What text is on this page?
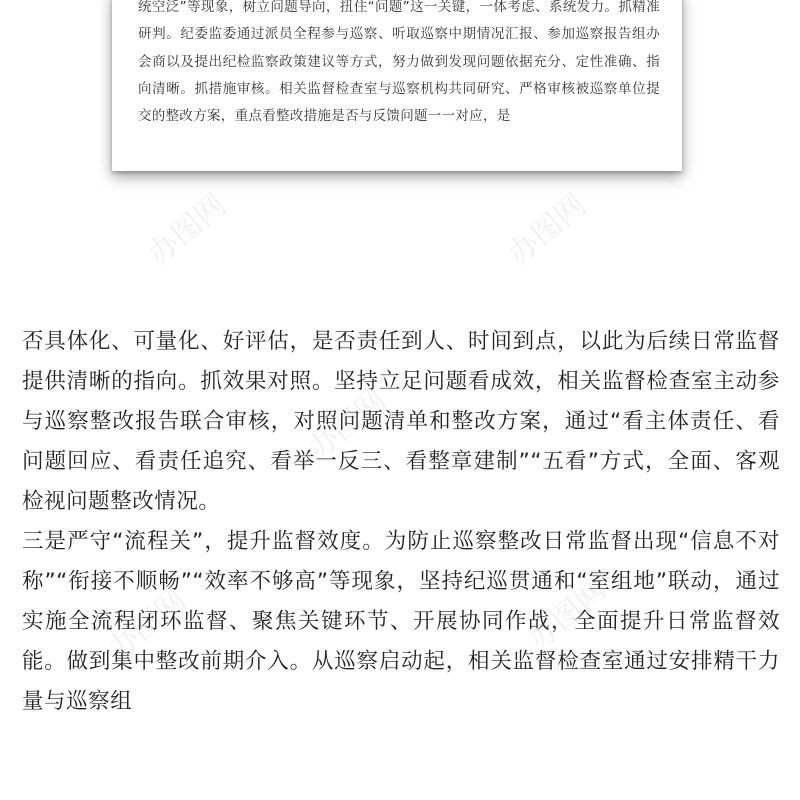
统空泛”等现象，树立问题导向，扭住“问题”这一关键，一体考虑、系统发力。抓精准研判。纪委监委通过派员全程参与巡察、听取巡察中期情况汇报、参加巡察报告组办会商以及提出纪检监察政策建议等方式，努力做到发现问题依据充分、定性准确、指向清晰。抓措施审核。相关监督检查室与巡察机构共同研究、严格审核被巡察单位提交的整改方案，重点看整改措施是否与反馈问题一一对应，是

否具体化、可量化、好评估，是否责任到人、时间到点，以此为后续日常监督提供清晰的指向。抓效果对照。坚持立足问题看成效，相关监督检查室主动参与巡察整改报告联合审核，对照问题清单和整改方案，通过“看主体责任、看问题回应、看责任追究、看举一反三、看整章建制”“五看”方式，全面、客观检视问题整改情况。

三是严守“流程关”，提升监督效度。为防止巡察整改日常监督出现“信息不对称”“衔接不顺畅”“效率不够高”等现象，坚持纪巡贯通和“室组地”联动，通过实施全流程闭环监督、聚焦关键环节、开展协同作战，全面提升日常监督效能。做到集中整改前期介入。从巡察启动起，相关监督检查室通过安排精干力量与巡察组

办图网	办图网
办图网
办图网	办图网
